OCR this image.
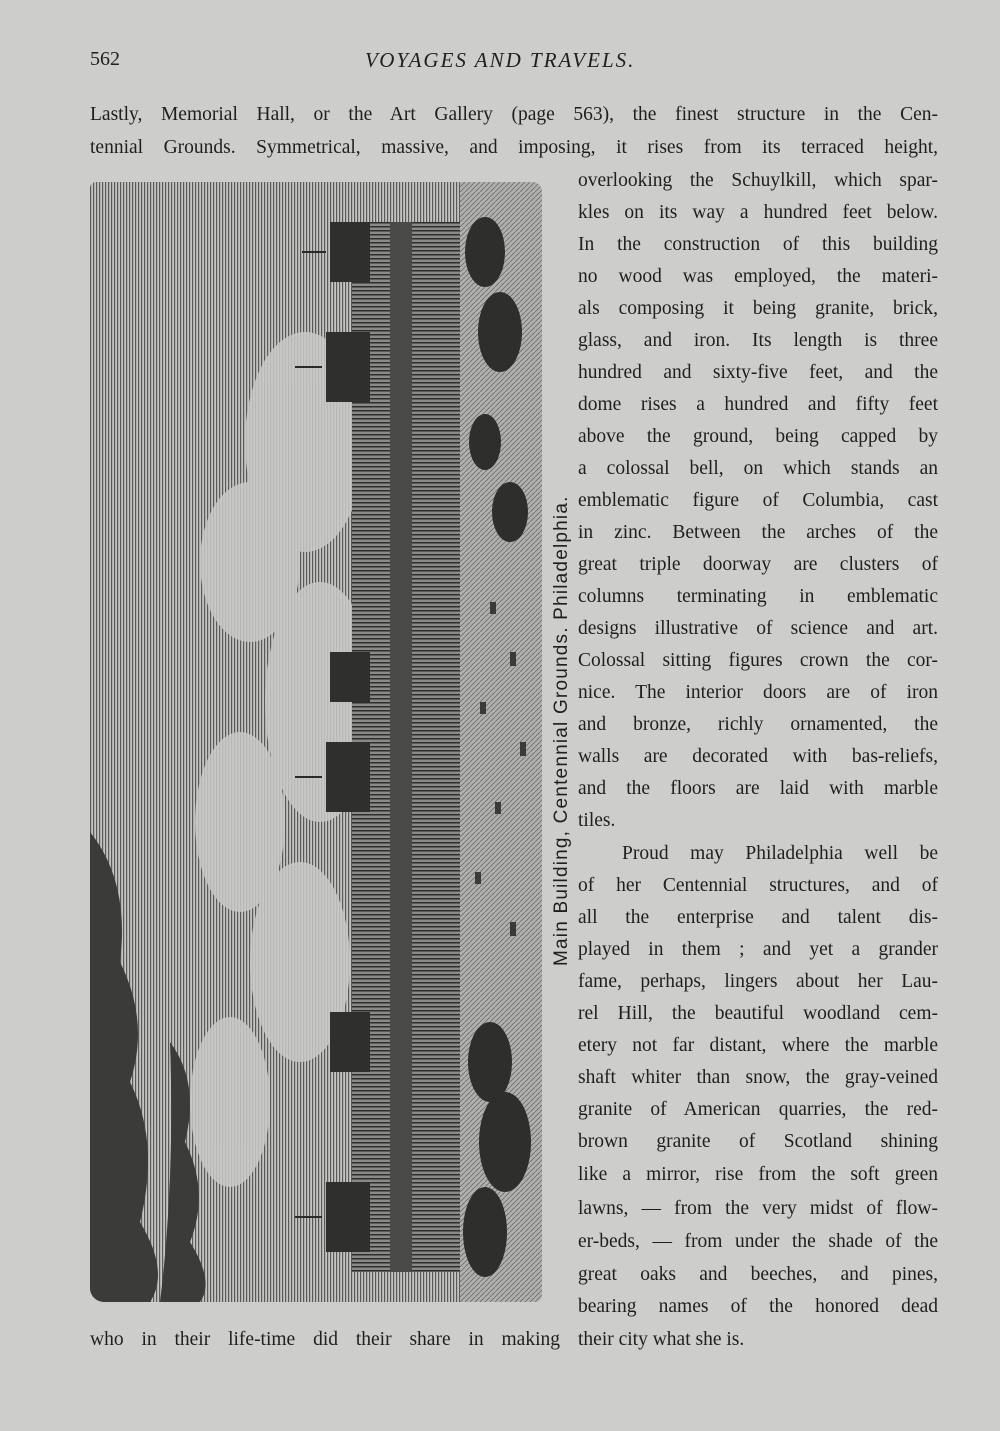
562	VOYAGES AND TRAVELS.
Lastly, Memorial Hall, or the Art Gallery (page 563), the finest structure in the Cen-
tennial Grounds. Symmetrical, massive, and imposing, it rises from its terraced height,
overlooking the Schuylkill, which spar-
kles on its way a hundred feet below.
In the construction of this building
no wood was employed, the materi-
als composing it being granite, brick,
glass, and iron. Its length is three
hundred and sixty-five feet, and the
dome rises a hundred and fifty feet
above the ground, being capped by
a colossal bell, on which stands an
emblematic figure of Columbia, cast
in zinc. Between the arches of the
great triple doorway are clusters of
columns terminating in emblematic
designs illustrative of science and art.
Colossal sitting figures crown the cor-
nice. The interior doors are of iron
and bronze, richly ornamented, the
walls are decorated with bas-reliefs,
and the floors are laid with marble
tiles.
Proud may Philadelphia well be
of her Centennial structures, and of
all the enterprise and talent dis-
played in them ; and yet a grander
fame, perhaps, lingers about her Lau-
rel Hill, the beautiful woodland cem-
etery not far distant, where the marble
shaft whiter than snow, the gray-veined
granite of American quarries, the red-
brown granite of Scotland shining
like a mirror, rise from the soft green
lawns, — from the very midst of flow-
er-beds, — from under the shade of the
great oaks and beeches, and pines,
bearing names of the honored dead
who in their life-time did their share in making their city what she is.
Main Building, Centennial Grounds. Philadelphia.
